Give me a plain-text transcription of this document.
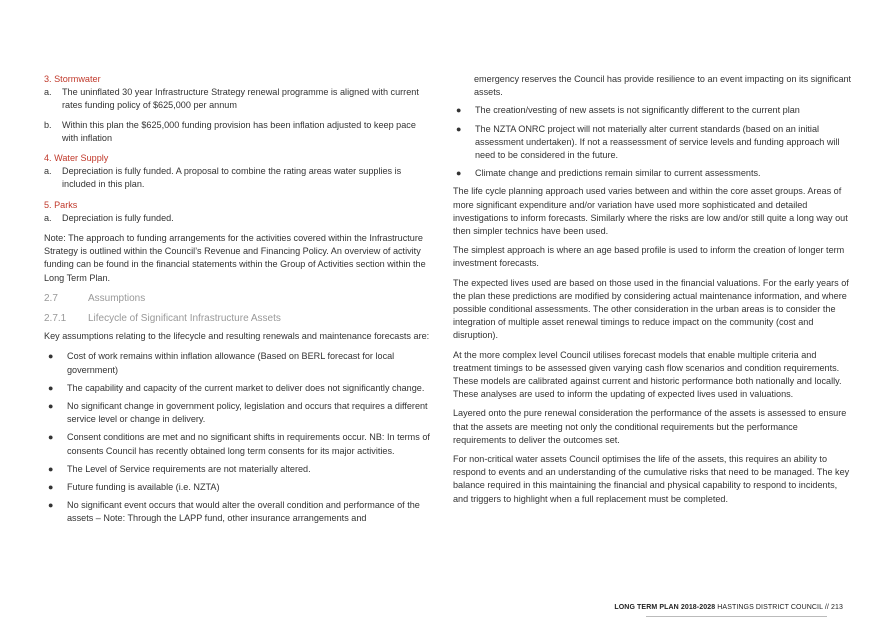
3. Stormwater

a.	The uninflated 30 year Infrastructure Strategy renewal programme is aligned with current rates funding policy of $625,000 per annum
b.	Within this plan the $625,000 funding provision has been inflation adjusted to keep pace with inflation

4. Water Supply

a.	Depreciation is fully funded. A proposal to combine the rating areas water supplies is included in this plan.

5. Parks

a.	Depreciation is fully funded.

Note: The approach to funding arrangements for the activities covered within the Infrastructure Strategy is outlined within the Council’s Revenue and Financing Policy. An overview of activity funding can be found in the financial statements within the Group of Activities section within the Long Term Plan.

2.7	Assumptions
2.7.1	Lifecycle of Significant Infrastructure Assets

Key assumptions relating to the lifecycle and resulting renewals and maintenance forecasts are:

●	Cost of work remains within inflation allowance (Based on BERL forecast for local government)
●	The capability and capacity of the current market to deliver does not significantly change.
●	No significant change in government policy, legislation and occurs that requires a different service level or change in delivery.
●	Consent conditions are met and no significant shifts in requirements occur. NB: In terms of consents Council has recently obtained long term consents for its major activities.
●	The Level of Service requirements are not materially altered.
●	Future funding is available (i.e. NZTA)
●	No significant event occurs that would alter the overall condition and performance of the assets – Note: Through the LAPP fund, other insurance arrangements and

emergency reserves the Council has provide resilience to an event impacting on its significant assets.

●	The creation/vesting of new assets is not significantly different to the current plan
●	The NZTA ONRC project will not materially alter current standards (based on an initial assessment undertaken). If not a reassessment of service levels and funding approach will need to be considered in the future.
●	Climate change and predictions remain similar to current assessments.

The life cycle planning approach used varies between and within the core asset groups. Areas of more significant expenditure and/or variation have used more sophisticated and detailed investigations to inform forecasts. Similarly where the risks are low and/or still quite a long way out then simpler technics have been used.

The simplest approach is where an age based profile is used to inform the creation of longer term investment forecasts.

The expected lives used are based on those used in the financial valuations. For the early years of the plan these predictions are modified by considering actual maintenance information, and where possible conditional assessments. The other consideration in the urban areas is to consider the integration of multiple asset renewal timings to reduce impact on the community (cost and disruption).

At the more complex level Council utilises forecast models that enable multiple criteria and treatment timings to be assessed given varying cash flow scenarios and condition requirements. These models are calibrated against current and historic performance both nationally and locally. These analyses are used to inform the updating of expected lives used in valuations.

Layered onto the pure renewal consideration the performance of the assets is assessed to ensure that the assets are meeting not only the conditional requirements but the performance requirements to deliver the outcomes set.

For non-critical water assets Council optimises the life of the assets, this requires an ability to respond to events and an understanding of the cumulative risks that need to be managed. The key balance required in this maintaining the financial and physical capability to respond to incidents, and triggers to highlight when a full replacement must be completed.

LONG TERM PLAN 2018-2028 HASTINGS DISTRICT COUNCIL // 213
